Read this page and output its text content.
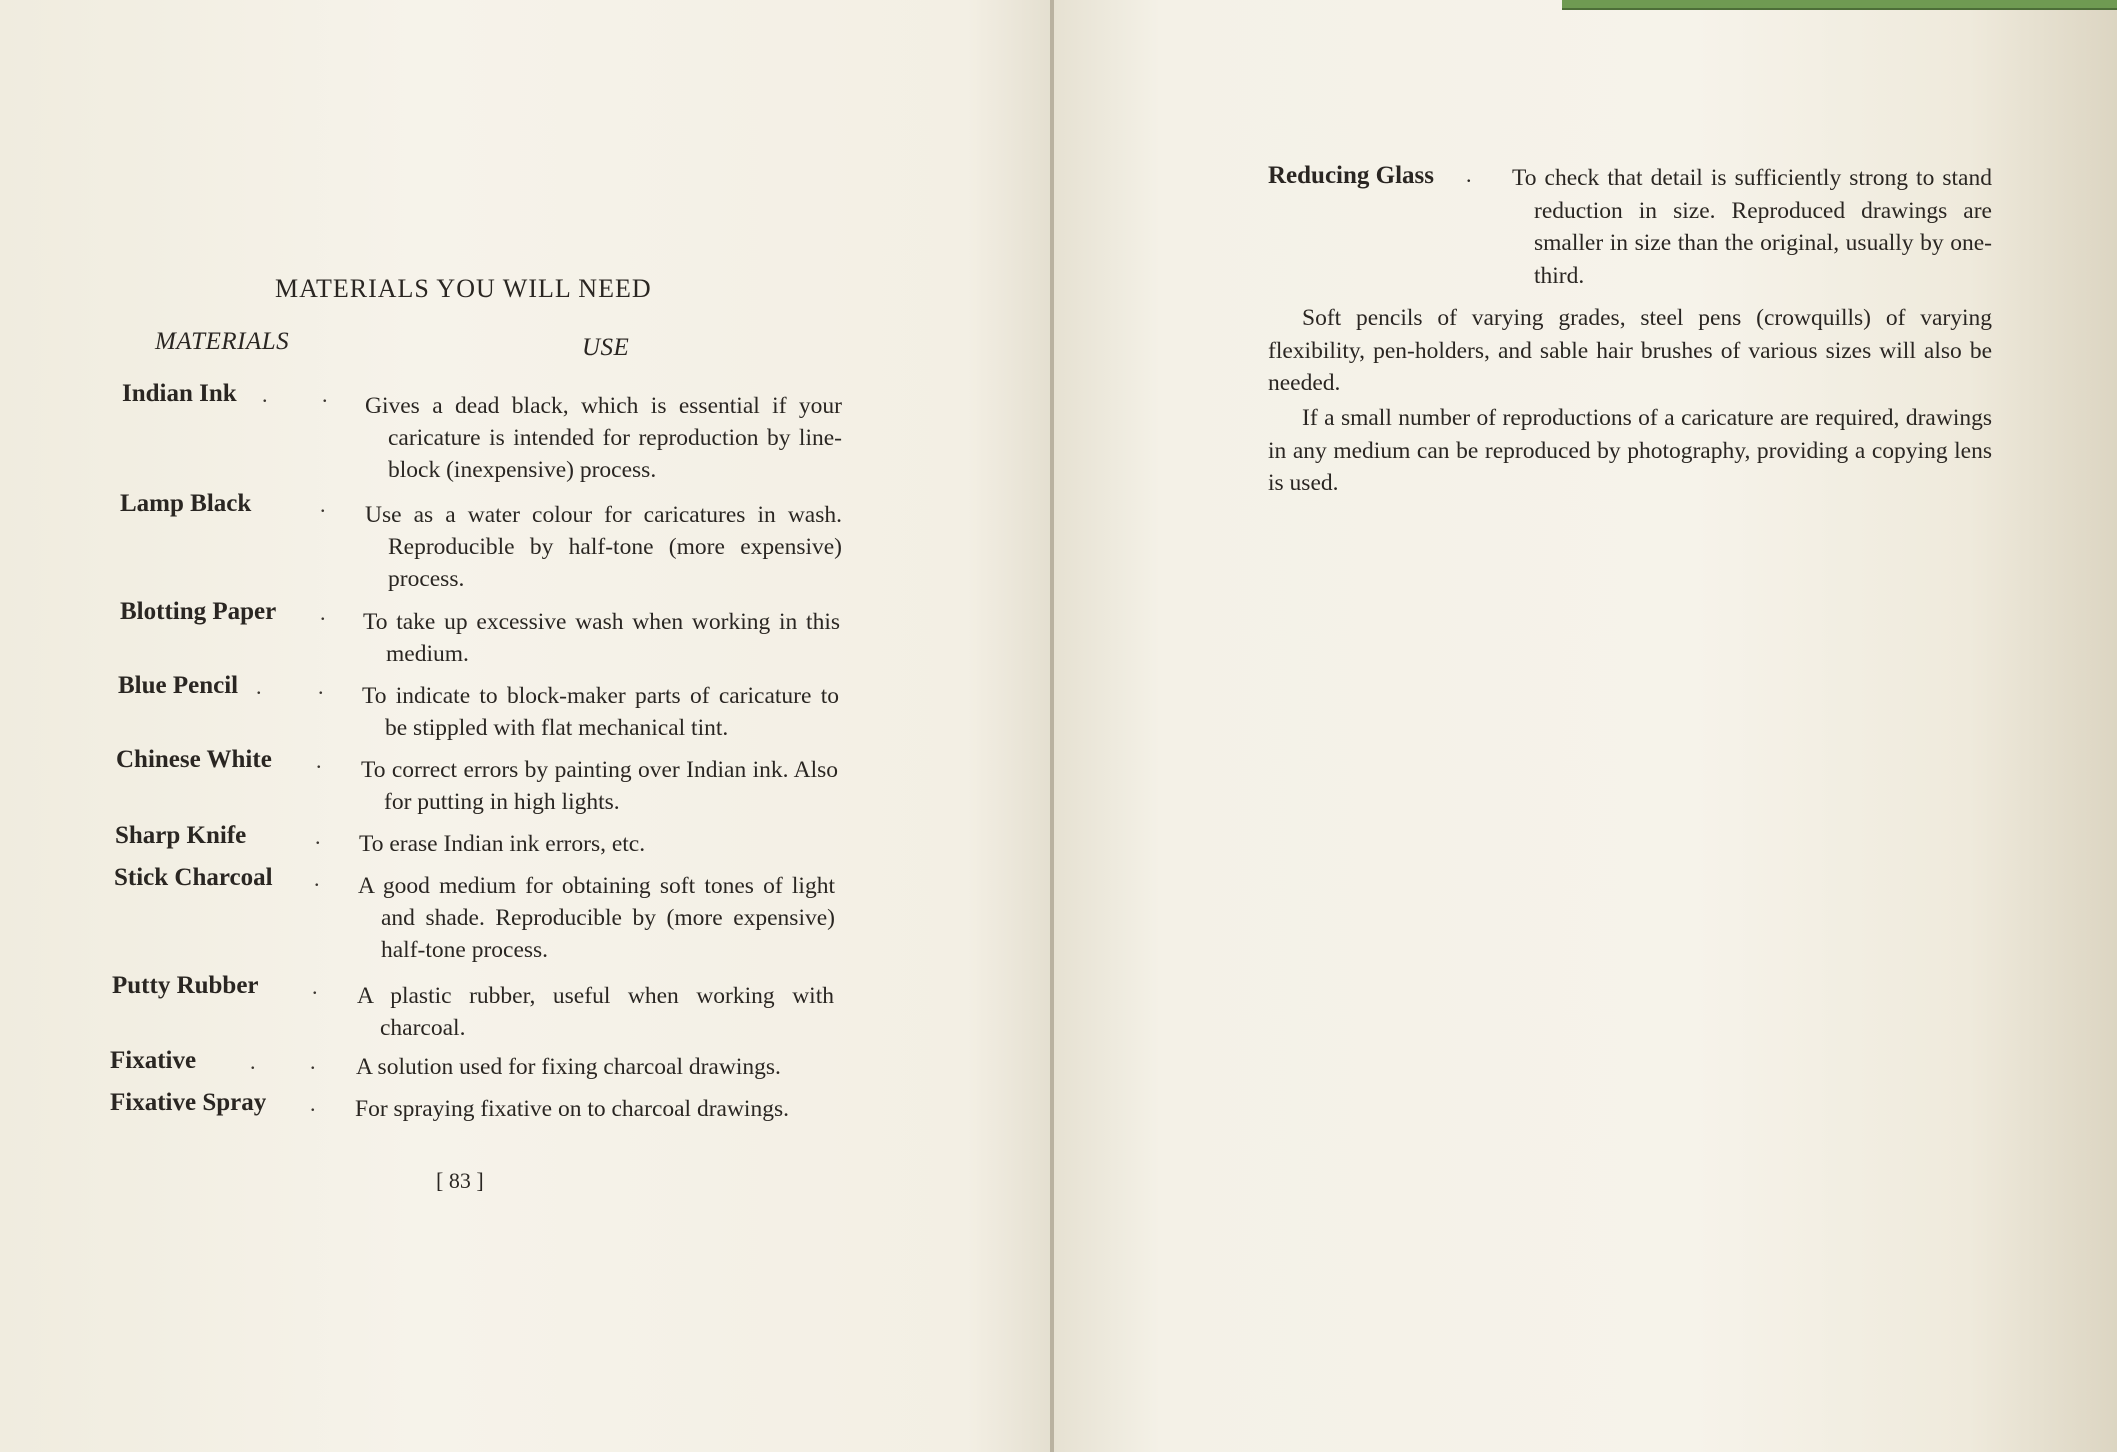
MATERIALS YOU WILL NEED
MATERIALS	USE
Indian Ink . . Gives a dead black, which is essential if your caricature is intended for reproduction by line-block (inexpensive) process.
Lamp Black	. Use as a water colour for caricatures in wash. Reproducible by half-tone (more expensive) process.
Blotting Paper . To take up excessive wash when working in this medium.
Blue Pencil .	. To indicate to block-maker parts of caricature to be stippled with flat mechanical tint.
Chinese White . To correct errors by painting over Indian ink. Also for putting in high lights.
Sharp Knife	. To erase Indian ink errors, etc.
Stick Charcoal . A good medium for obtaining soft tones of light and shade. Reproducible by (more expensive) half-tone process.
Putty Rubber . A plastic rubber, useful when working with charcoal.
Fixative . . A solution used for fixing charcoal drawings.
Fixative Spray . For spraying fixative on to charcoal drawings.
[ 83 ]
Reducing Glass . To check that detail is sufficiently strong to stand reduction in size. Reproduced drawings are smaller in size than the original, usually by one-third.
Soft pencils of varying grades, steel pens (crowquills) of varying flexibility, pen-holders, and sable hair brushes of various sizes will also be needed.
If a small number of reproductions of a caricature are required, drawings in any medium can be reproduced by photography, providing a copying lens is used.
